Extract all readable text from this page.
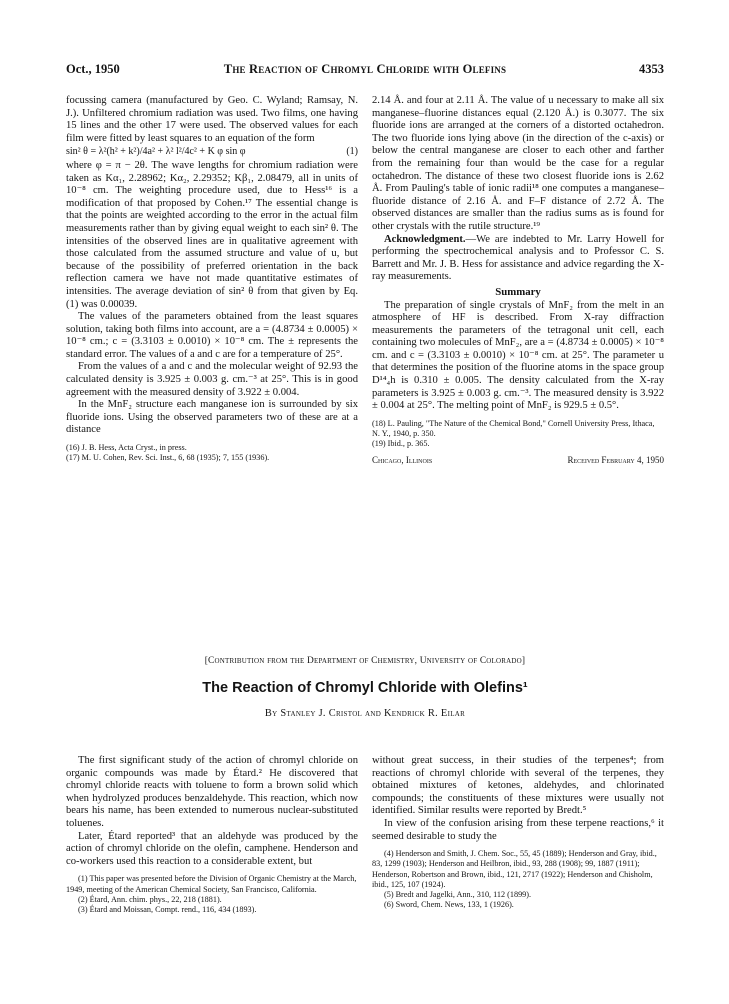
Oct., 1950	The Reaction of Chromyl Chloride with Olefins	4353

focussing camera (manufactured by Geo. C. Wyland; Ramsay, N. J.). Unfiltered chromium radiation was used. Two films, one having 15 lines and the other 17 were used. The observed values for each film were fitted by least squares to an equation of the form

sin² θ = λ²(h² + k²)/4a² + λ² l²/4c² + K φ sin φ	(1)

where φ = π − 2θ. The wave lengths for chromium radiation were taken as Kα₁, 2.28962; Kα₂, 2.29352; Kβ₁, 2.08479, all in units of 10⁻⁸ cm. The weighting procedure used, due to Hess¹⁶ is a modification of that proposed by Cohen.¹⁷ The essential change is that the points are weighted according to the error in the actual film measurements rather than by giving equal weight to each sin² θ. The intensities of the observed lines are in qualitative agreement with those calculated from the assumed structure and value of u, but because of the possibility of preferred orientation in the back reflection camera we have not made quantitative estimates of intensities. The average deviation of sin² θ from that given by Eq. (1) was 0.00039.

The values of the parameters obtained from the least squares solution, taking both films into account, are a = (4.8734 ± 0.0005) × 10⁻⁸ cm.; c = (3.3103 ± 0.0010) × 10⁻⁸ cm. The ± represents the standard error. The values of a and c are for a temperature of 25°.

From the values of a and c and the molecular weight of 92.93 the calculated density is 3.925 ± 0.003 g. cm.⁻³ at 25°. This is in good agreement with the measured density of 3.922 ± 0.004.

In the MnF₂ structure each manganese ion is surrounded by six fluoride ions. Using the observed parameters two of these are at a distance

(16) J. B. Hess, Acta Cryst., in press.

(17) M. U. Cohen, Rev. Sci. Inst., 6, 68 (1935); 7, 155 (1936).

2.14 Å. and four at 2.11 Å. The value of u necessary to make all six manganese–fluorine distances equal (2.120 Å.) is 0.3077. The six fluoride ions are arranged at the corners of a distorted octahedron. The two fluoride ions lying above (in the direction of the c-axis) or below the central manganese are closer to each other and farther from the remaining four than would be the case for a regular octahedron. The distance of these two closest fluoride ions is 2.62 Å. From Pauling's table of ionic radii¹⁸ one computes a manganese–fluoride distance of 2.16 Å. and F–F distance of 2.72 Å. The observed distances are smaller than the radius sums as is found for other crystals with the rutile structure.¹⁹

Acknowledgment.—We are indebted to Mr. Larry Howell for performing the spectrochemical analysis and to Professor C. S. Barrett and Mr. J. B. Hess for assistance and advice regarding the X-ray measurements.

Summary

The preparation of single crystals of MnF₂ from the melt in an atmosphere of HF is described. From X-ray diffraction measurements the parameters of the tetragonal unit cell, each containing two molecules of MnF₂, are a = (4.8734 ± 0.0005) × 10⁻⁸ cm. and c = (3.3103 ± 0.0010) × 10⁻⁸ cm. at 25°. The parameter u that determines the position of the fluorine atoms in the space group D¹⁴₄h is 0.310 ± 0.005. The density calculated from the X-ray parameters is 3.925 ± 0.003 g. cm.⁻³. The measured density is 3.922 ± 0.004 at 25°. The melting point of MnF₂ is 929.5 ± 0.5°.

(18) L. Pauling, "The Nature of the Chemical Bond," Cornell University Press, Ithaca, N. Y., 1940, p. 350.

(19) Ibid., p. 365.

Chicago, Illinois	Received February 4, 1950
[Contribution from the Department of Chemistry, University of Colorado]
The Reaction of Chromyl Chloride with Olefins¹
By Stanley J. Cristol and Kendrick R. Eilar

The first significant study of the action of chromyl chloride on organic compounds was made by Étard.² He discovered that chromyl chloride reacts with toluene to form a brown solid which when hydrolyzed produces benzaldehyde. This reaction, which now bears his name, has been extended to numerous nuclear-substituted toluenes.

Later, Étard reported³ that an aldehyde was produced by the action of chromyl chloride on the olefin, camphene. Henderson and co-workers used this reaction to a considerable extent, but

(1) This paper was presented before the Division of Organic Chemistry at the March, 1949, meeting of the American Chemical Society, San Francisco, California.

(2) Étard, Ann. chim. phys., 22, 218 (1881).

(3) Étard and Moissan, Compt. rend., 116, 434 (1893).

without great success, in their studies of the terpenes⁴; from reactions of chromyl chloride with several of the terpenes, they obtained mixtures of ketones, aldehydes, and chlorinated compounds; the constituents of these mixtures were usually not identified. Similar results were reported by Bredt.⁵

In view of the confusion arising from these terpene reactions,⁶ it seemed desirable to study the

(4) Henderson and Smith, J. Chem. Soc., 55, 45 (1889); Henderson and Gray, ibid., 83, 1299 (1903); Henderson and Heilbron, ibid., 93, 288 (1908); 99, 1887 (1911); Henderson, Robertson and Brown, ibid., 121, 2717 (1922); Henderson and Chisholm, ibid., 125, 107 (1924).

(5) Bredt and Jagelki, Ann., 310, 112 (1899).

(6) Sword, Chem. News, 133, 1 (1926).
